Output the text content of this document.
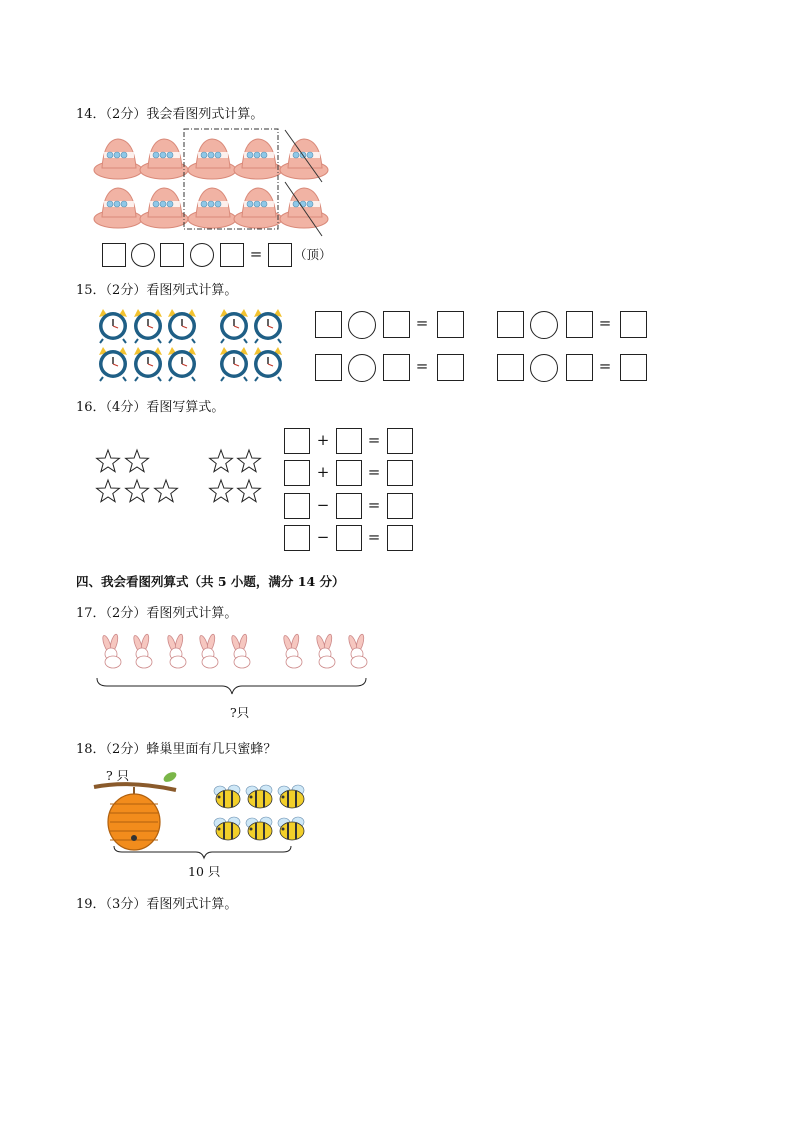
14．（2分）我会看图列式计算。
=	（顶）
15．（2分）看图列式计算。
=	=
=	=
16．（4分）看图写算式。
+	=
+	=
−	=
−	=
四、我会看图列算式（共 5 小题，满分 14 分）
17．（2分）看图列式计算。
?只
18．（2分）蜂巢里面有几只蜜蜂？
? 只
10 只
19．（3分）看图列式计算。
